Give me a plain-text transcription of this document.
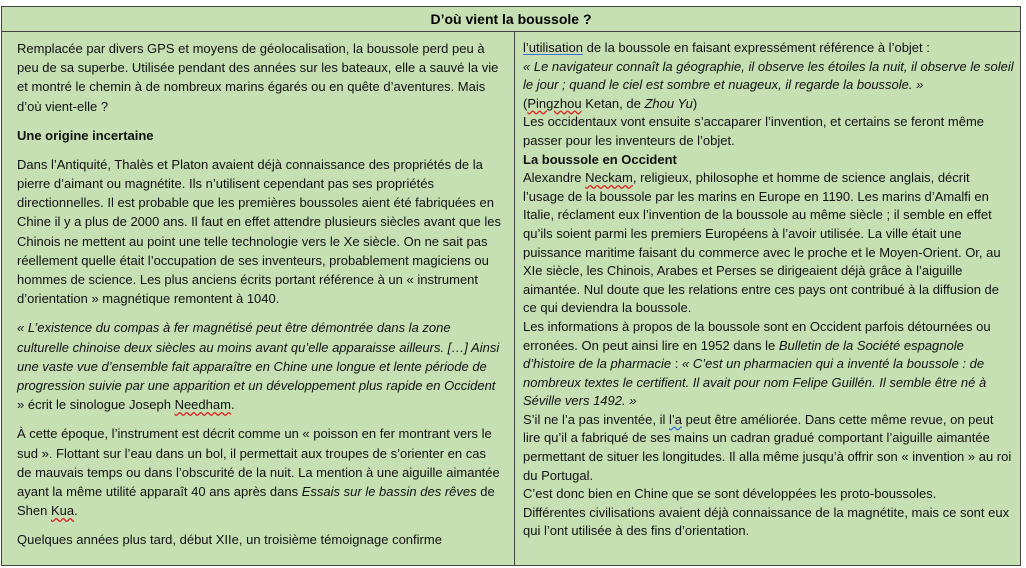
D’où vient la boussole ?

Remplacée par divers GPS et moyens de géolocalisation, la boussole perd peu à peu de sa superbe. Utilisée pendant des années sur les bateaux, elle a sauvé la vie et montré le chemin à de nombreux marins égarés ou en quête d’aventures. Mais d’où vient-elle ?

Une origine incertaine

Dans l’Antiquité, Thalès et Platon avaient déjà connaissance des propriétés de la pierre d’aimant ou magnétite. Ils n’utilisent cependant pas ses propriétés directionnelles. Il est probable que les premières boussoles aient été fabriquées en Chine il y a plus de 2000 ans. Il faut en effet attendre plusieurs siècles avant que les Chinois ne mettent au point une telle technologie vers le Xe siècle. On ne sait pas réellement quelle était l’occupation de ses inventeurs, probablement magiciens ou hommes de science. Les plus anciens écrits portant référence à un « instrument d’orientation » magnétique remontent à 1040.

« L’existence du compas à fer magnétisé peut être démontrée dans la zone culturelle chinoise deux siècles au moins avant qu’elle apparaisse ailleurs. […] Ainsi une vaste vue d’ensemble fait apparaître en Chine une longue et lente période de progression suivie par une apparition et un développement plus rapide en Occident » écrit le sinologue Joseph Needham.

À cette époque, l’instrument est décrit comme un « poisson en fer montrant vers le sud ». Flottant sur l’eau dans un bol, il permettait aux troupes de s’orienter en cas de mauvais temps ou dans l’obscurité de la nuit. La mention à une aiguille aimantée ayant la même utilité apparaît 40 ans après dans Essais sur le bassin des rêves de Shen Kua.

Quelques années plus tard, début XIIe, un troisième témoignage confirme

l’utilisation de la boussole en faisant expressément référence à l’objet :

« Le navigateur connaît la géographie, il observe les étoiles la nuit, il observe le soleil le jour ; quand le ciel est sombre et nuageux, il regarde la boussole. »

(Pingzhou Ketan, de Zhou Yu)

Les occidentaux vont ensuite s’accaparer l’invention, et certains se feront même passer pour les inventeurs de l’objet.

La boussole en Occident

Alexandre Neckam, religieux, philosophe et homme de science anglais, décrit l’usage de la boussole par les marins en Europe en 1190. Les marins d’Amalfi en Italie, réclament eux l’invention de la boussole au même siècle ; il semble en effet qu’ils soient parmi les premiers Européens à l’avoir utilisée. La ville était une puissance maritime faisant du commerce avec le proche et le Moyen-Orient. Or, au XIe siècle, les Chinois, Arabes et Perses se dirigeaient déjà grâce à l’aiguille aimantée. Nul doute que les relations entre ces pays ont contribué à la diffusion de ce qui deviendra la boussole.

Les informations à propos de la boussole sont en Occident parfois détournées ou erronées. On peut ainsi lire en 1952 dans le Bulletin de la Société espagnole d’histoire de la pharmacie : « C’est un pharmacien qui a inventé la boussole : de nombreux textes le certifient. Il avait pour nom Felipe Guillén. Il semble être né à Séville vers 1492. »

S’il ne l’a pas inventée, il l’a peut être améliorée. Dans cette même revue, on peut lire qu’il a fabriqué de ses mains un cadran gradué comportant l’aiguille aimantée permettant de situer les longitudes. Il alla même jusqu’à offrir son « invention » au roi du Portugal.

C’est donc bien en Chine que se sont développées les proto-boussoles.

Différentes civilisations avaient déjà connaissance de la magnétite, mais ce sont eux qui l’ont utilisée à des fins d’orientation.
